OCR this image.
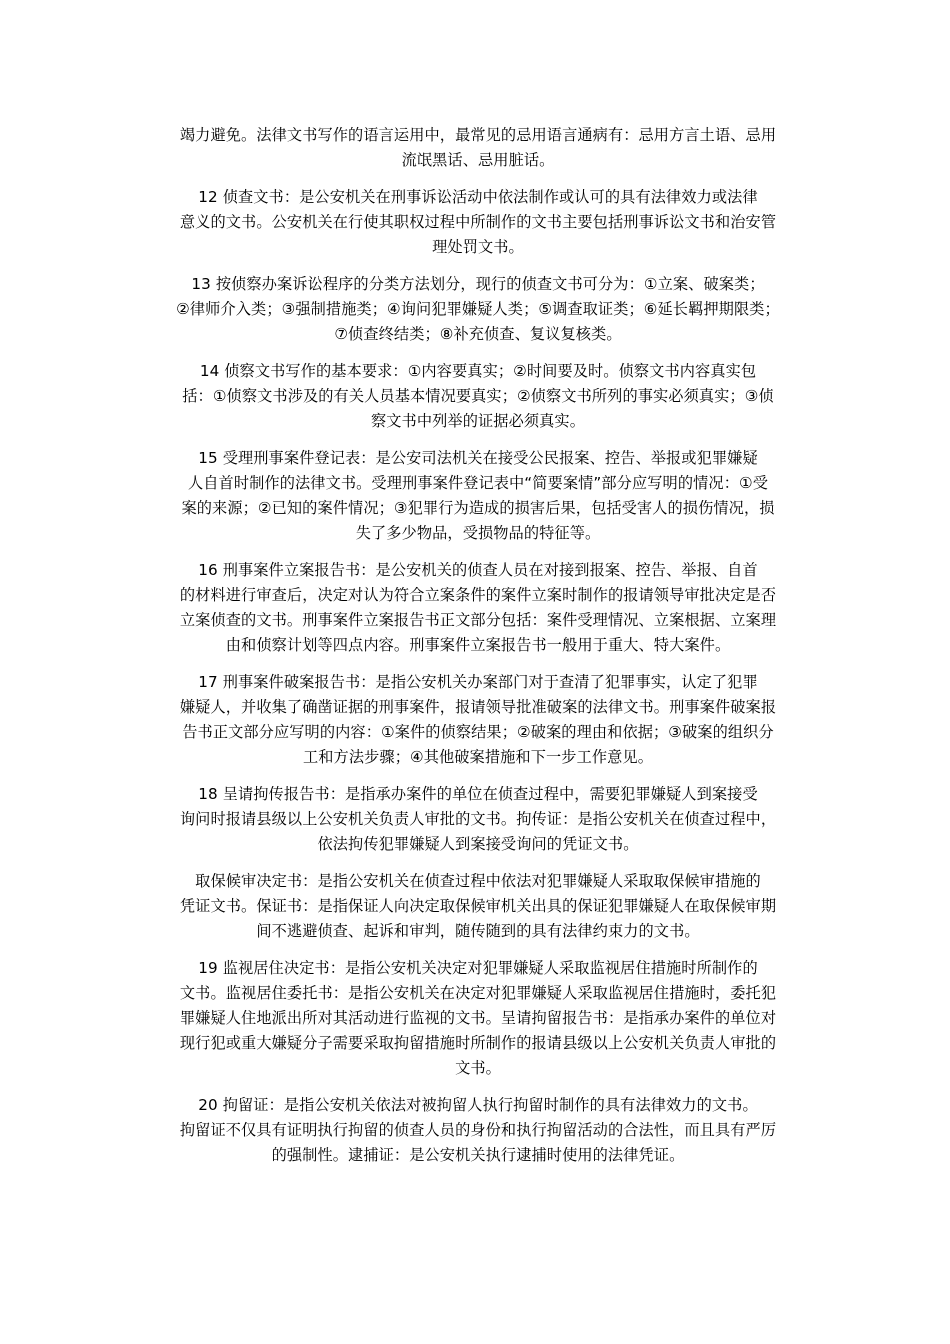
竭力避免。法律文书写作的语言运用中，最常见的忌用语言通病有：忌用方言土语、忌用
流氓黑话、忌用脏话。

12 侦查文书：是公安机关在刑事诉讼活动中依法制作或认可的具有法律效力或法律
意义的文书。公安机关在行使其职权过程中所制作的文书主要包括刑事诉讼文书和治安管
理处罚文书。

13 按侦察办案诉讼程序的分类方法划分，现行的侦查文书可分为：①立案、破案类；
②律师介入类；③强制措施类；④询问犯罪嫌疑人类；⑤调查取证类；⑥延长羁押期限类；
⑦侦查终结类；⑧补充侦查、复议复核类。

14 侦察文书写作的基本要求：①内容要真实；②时间要及时。侦察文书内容真实包
括：①侦察文书涉及的有关人员基本情况要真实；②侦察文书所列的事实必须真实；③侦
察文书中列举的证据必须真实。

15 受理刑事案件登记表：是公安司法机关在接受公民报案、控告、举报或犯罪嫌疑
人自首时制作的法律文书。受理刑事案件登记表中“简要案情”部分应写明的情况：①受
案的来源；②已知的案件情况；③犯罪行为造成的损害后果，包括受害人的损伤情况，损
失了多少物品，受损物品的特征等。

16 刑事案件立案报告书：是公安机关的侦查人员在对接到报案、控告、举报、自首
的材料进行审查后，决定对认为符合立案条件的案件立案时制作的报请领导审批决定是否
立案侦查的文书。刑事案件立案报告书正文部分包括：案件受理情况、立案根据、立案理
由和侦察计划等四点内容。刑事案件立案报告书一般用于重大、特大案件。

17 刑事案件破案报告书：是指公安机关办案部门对于查清了犯罪事实，认定了犯罪
嫌疑人，并收集了确凿证据的刑事案件，报请领导批准破案的法律文书。刑事案件破案报
告书正文部分应写明的内容：①案件的侦察结果；②破案的理由和依据；③破案的组织分
工和方法步骤；④其他破案措施和下一步工作意见。

18 呈请拘传报告书：是指承办案件的单位在侦查过程中，需要犯罪嫌疑人到案接受
询问时报请县级以上公安机关负责人审批的文书。拘传证：是指公安机关在侦查过程中，
依法拘传犯罪嫌疑人到案接受询问的凭证文书。

取保候审决定书：是指公安机关在侦查过程中依法对犯罪嫌疑人采取取保候审措施的
凭证文书。保证书：是指保证人向决定取保候审机关出具的保证犯罪嫌疑人在取保候审期
间不逃避侦查、起诉和审判，随传随到的具有法律约束力的文书。

19 监视居住决定书：是指公安机关决定对犯罪嫌疑人采取监视居住措施时所制作的
文书。监视居住委托书：是指公安机关在决定对犯罪嫌疑人采取监视居住措施时，委托犯
罪嫌疑人住地派出所对其活动进行监视的文书。呈请拘留报告书：是指承办案件的单位对
现行犯或重大嫌疑分子需要采取拘留措施时所制作的报请县级以上公安机关负责人审批的
文书。

20 拘留证：是指公安机关依法对被拘留人执行拘留时制作的具有法律效力的文书。
拘留证不仅具有证明执行拘留的侦查人员的身份和执行拘留活动的合法性，而且具有严厉
的强制性。逮捕证：是公安机关执行逮捕时使用的法律凭证。
